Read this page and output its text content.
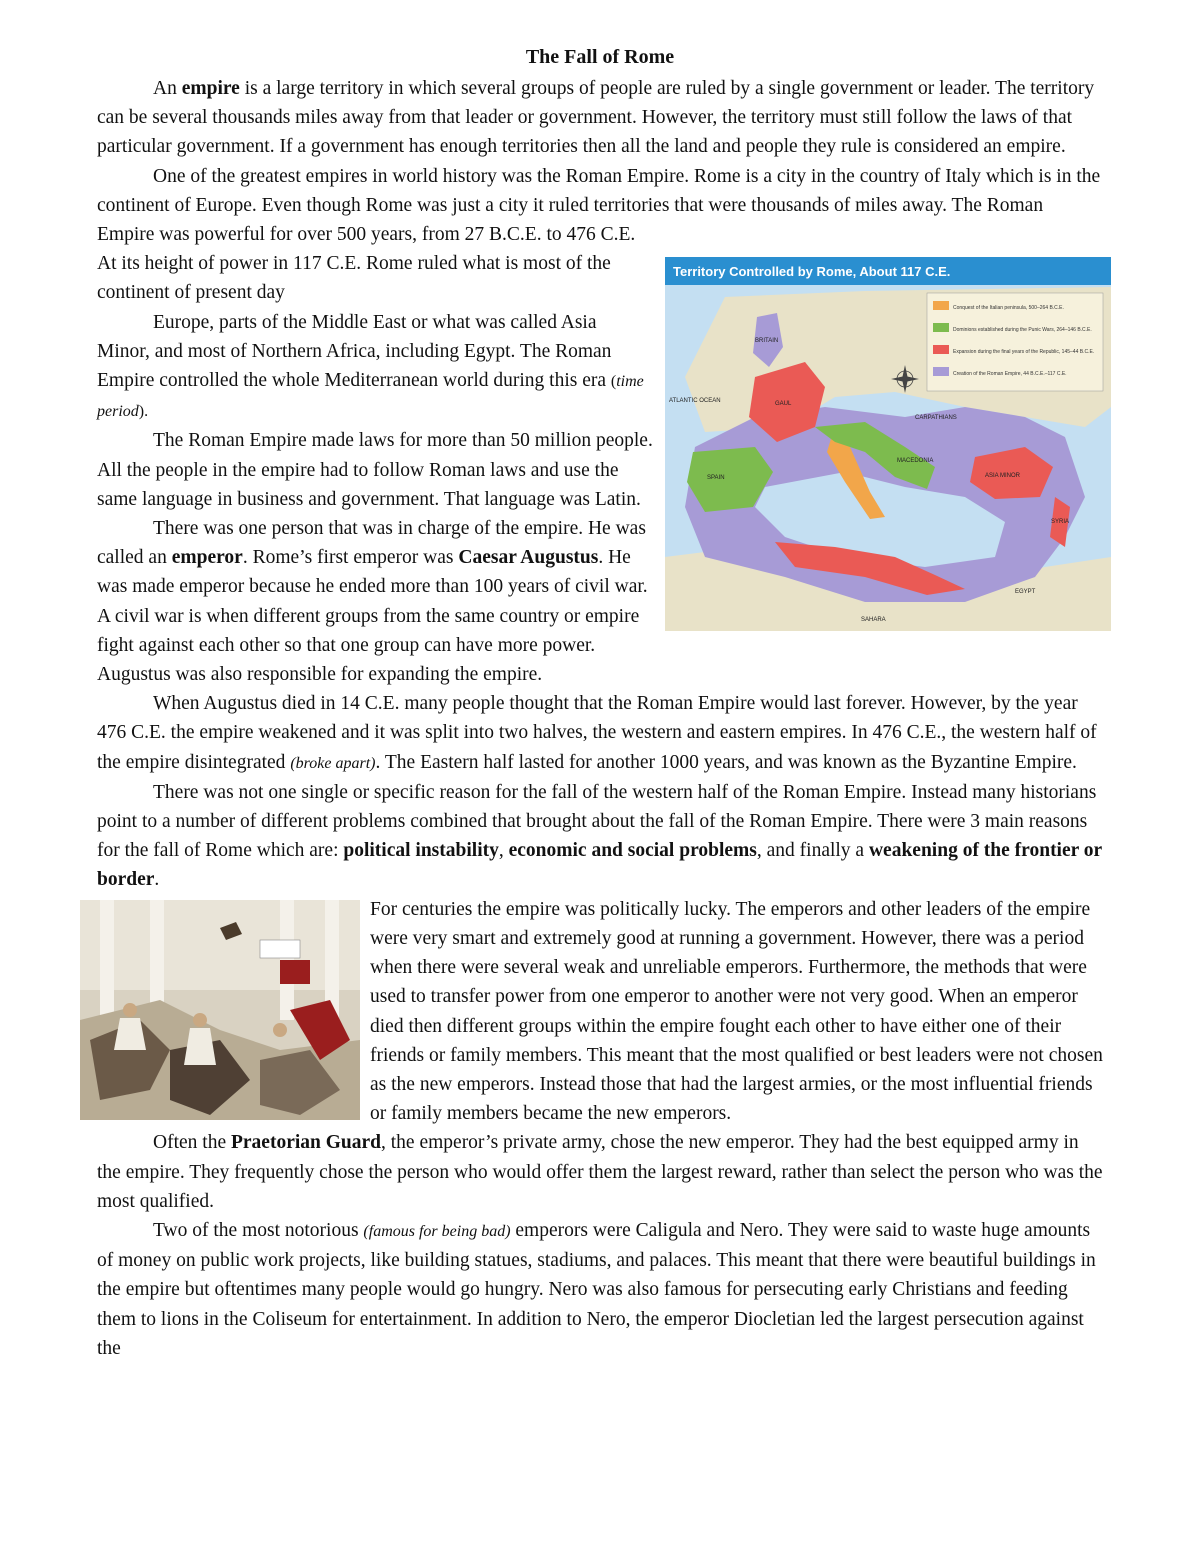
The Fall of Rome

An empire is a large territory in which several groups of people are ruled by a single government or leader. The territory can be several thousands miles away from that leader or government. However, the territory must still follow the laws of that particular government. If a government has enough territories then all the land and people they rule is considered an empire.

One of the greatest empires in world history was the Roman Empire. Rome is a city in the country of Italy which is in the continent of Europe. Even though Rome was just a city it ruled territories that were thousands of miles away. The Roman Empire was powerful for over 500 years, from 27 B.C.E. to 476 C.E.

Territory Controlled by Rome, About 117 C.E.
Conquest of the Italian peninsula, 500–264 B.C.E.
Dominions established during the Punic Wars, 264–146 B.C.E.
Expansion during the final years of the Republic, 145–44 B.C.E.
Creation of the Roman Empire, 44 B.C.E.–117 C.E.
BRITAIN
ATLANTIC OCEAN	GAUL
SPAIN
CARPATHIANS
MACEDONIA
ASIA MINOR
SYRIA
EGYPT
SAHARA
At its height of power in 117 C.E. Rome ruled what is most of the continent of present day

Europe, parts of the Middle East or what was called Asia Minor, and most of Northern Africa, including Egypt. The Roman Empire controlled the whole Mediterranean world during this era (time period).

The Roman Empire made laws for more than 50 million people. All the people in the empire had to follow Roman laws and use the same language in business and government. That language was Latin.

There was one person that was in charge of the empire. He was called an emperor. Rome’s first emperor was Caesar Augustus. He was made emperor because he ended more than 100 years of civil war. A civil war is when different groups from the same country or empire fight against each other so that one group can have more power. Augustus was also responsible for expanding the empire.

When Augustus died in 14 C.E. many people thought that the Roman Empire would last forever. However, by the year 476 C.E. the empire weakened and it was split into two halves, the western and eastern empires. In 476 C.E., the western half of the empire disintegrated (broke apart). The Eastern half lasted for another 1000 years, and was known as the Byzantine Empire.

There was not one single or specific reason for the fall of the western half of the Roman Empire. Instead many historians point to a number of different problems combined that brought about the fall of the Roman Empire. There were 3 main reasons for the fall of Rome which are: political instability, economic and social problems, and finally a weakening of the frontier or border.

For centuries the empire was politically lucky. The emperors and other leaders of the empire were very smart and extremely good at running a government. However, there was a period when there were several weak and unreliable emperors. Furthermore, the methods that were used to transfer power from one emperor to another were not very good. When an emperor died then different groups within the empire fought each other to have either one of their friends or family members. This meant that the most qualified or best leaders were not chosen as the new emperors. Instead those that had the largest armies, or the most influential friends or family members became the new emperors.

Often the Praetorian Guard, the emperor’s private army, chose the new emperor. They had the best equipped army in the empire. They frequently chose the person who would offer them the largest reward, rather than select the person who was the most qualified.

Two of the most notorious (famous for being bad) emperors were Caligula and Nero. They were said to waste huge amounts of money on public work projects, like building statues, stadiums, and palaces. This meant that there were beautiful buildings in the empire but oftentimes many people would go hungry. Nero was also famous for persecuting early Christians and feeding them to lions in the Coliseum for entertainment. In addition to Nero, the emperor Diocletian led the largest persecution against the
